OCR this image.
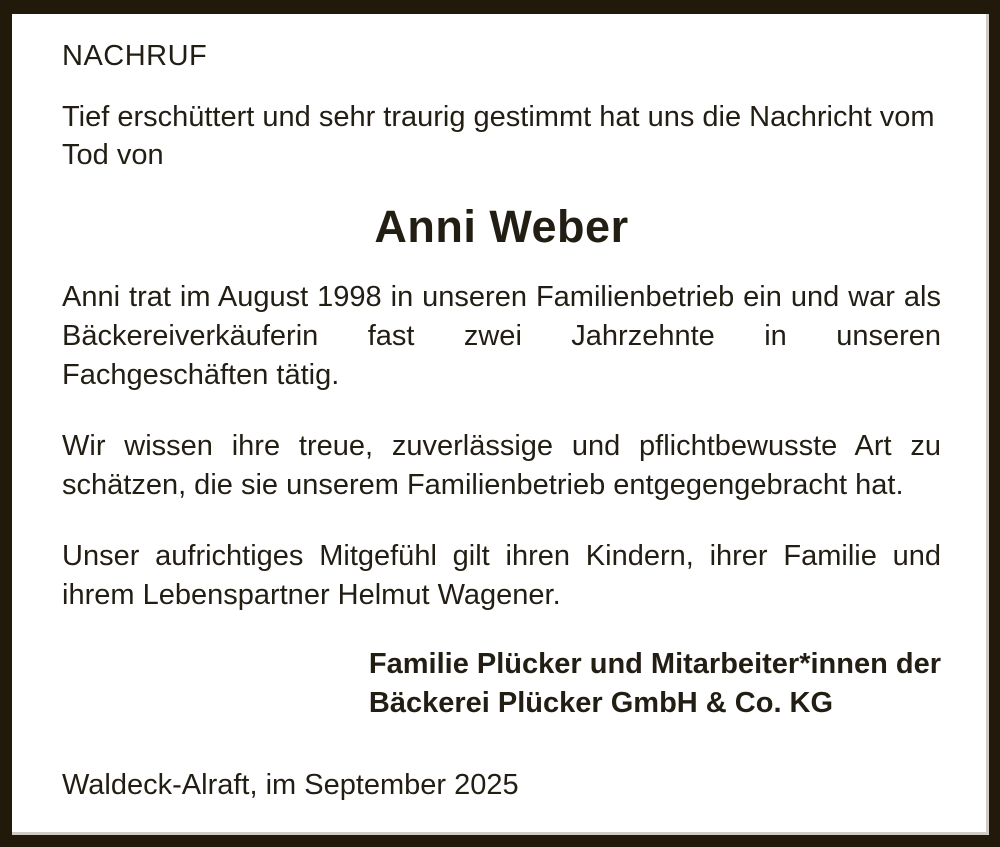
NACHRUF

Tief erschüttert und sehr traurig gestimmt hat uns die Nachricht vom Tod von

Anni Weber

Anni trat im August 1998 in unseren Familienbetrieb ein und war als Bäckereiverkäuferin fast zwei Jahrzehnte in unseren Fachgeschäften tätig.

Wir wissen ihre treue, zuverlässige und pflichtbewusste Art zu schätzen, die sie unserem Familienbetrieb entgegengebracht hat.

Unser aufrichtiges Mitgefühl gilt ihren Kindern, ihrer Familie und ihrem Lebenspartner Helmut Wagener.

Familie Plücker und Mitarbeiter*innen der
Bäckerei Plücker GmbH & Co. KG

Waldeck-Alraft, im September 2025
